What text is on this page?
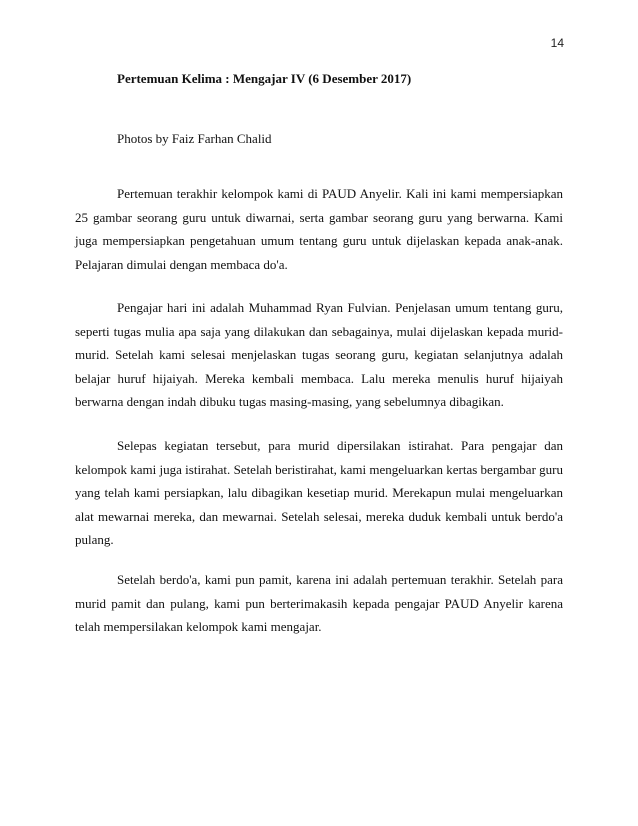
14
Pertemuan Kelima : Mengajar IV (6 Desember 2017)
Photos by Faiz Farhan Chalid

Pertemuan terakhir kelompok kami di PAUD Anyelir. Kali ini kami mempersiapkan 25 gambar seorang guru untuk diwarnai, serta gambar seorang guru yang berwarna. Kami juga mempersiapkan pengetahuan umum tentang guru untuk dijelaskan kepada anak-anak. Pelajaran dimulai dengan membaca do'a.

Pengajar hari ini adalah Muhammad Ryan Fulvian. Penjelasan umum tentang guru, seperti tugas mulia apa saja yang dilakukan dan sebagainya, mulai dijelaskan kepada murid-murid. Setelah kami selesai menjelaskan tugas seorang guru, kegiatan selanjutnya adalah belajar huruf hijaiyah. Mereka kembali membaca. Lalu mereka menulis huruf hijaiyah berwarna dengan indah dibuku tugas masing-masing, yang sebelumnya dibagikan.

Selepas kegiatan tersebut, para murid dipersilakan istirahat. Para pengajar dan kelompok kami juga istirahat. Setelah beristirahat, kami mengeluarkan kertas bergambar guru yang telah kami persiapkan, lalu dibagikan kesetiap murid. Merekapun mulai mengeluarkan alat mewarnai mereka, dan mewarnai. Setelah selesai, mereka duduk kembali untuk berdo'a pulang.

Setelah berdo'a, kami pun pamit, karena ini adalah pertemuan terakhir. Setelah para murid pamit dan pulang, kami pun berterimakasih kepada pengajar PAUD Anyelir karena telah mempersilakan kelompok kami mengajar.
